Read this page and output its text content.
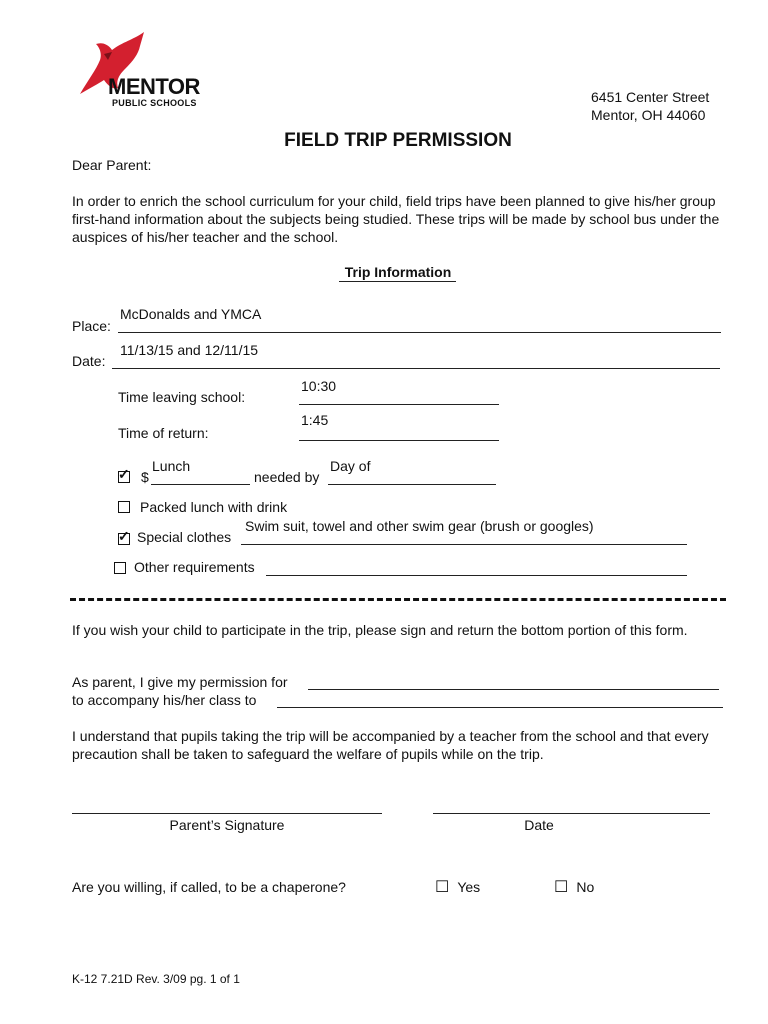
MENTOR
PUBLIC SCHOOLS	6451 Center Street
Mentor, OH 44060
FIELD TRIP PERMISSION
Dear Parent:
In order to enrich the school curriculum for your child, field trips have been planned to give his/her group first-hand information about the subjects being studied. These trips will be made by school bus under the auspices of his/her teacher and the school.
Trip Information
Place:
McDonalds and YMCA
Date:
11/13/15 and 12/11/15
Time leaving school:
10:30
Time of return:
1:45
✓ $
Lunch
needed by
Day of
Packed lunch with drink
✓ Special clothes
Swim suit, towel and other swim gear (brush or googles)
Other requirements
If you wish your child to participate in the trip, please sign and return the bottom portion of this form.
As parent, I give my permission for
to accompany his/her class to
I understand that pupils taking the trip will be accompanied by a teacher from the school and that every precaution shall be taken to safeguard the welfare of pupils while on the trip.
Parent’s Signature	Date
Are you willing, if called, to be a chaperone?	☐ Yes	☐ No
K-12 7.21D Rev. 3/09 pg. 1 of 1
